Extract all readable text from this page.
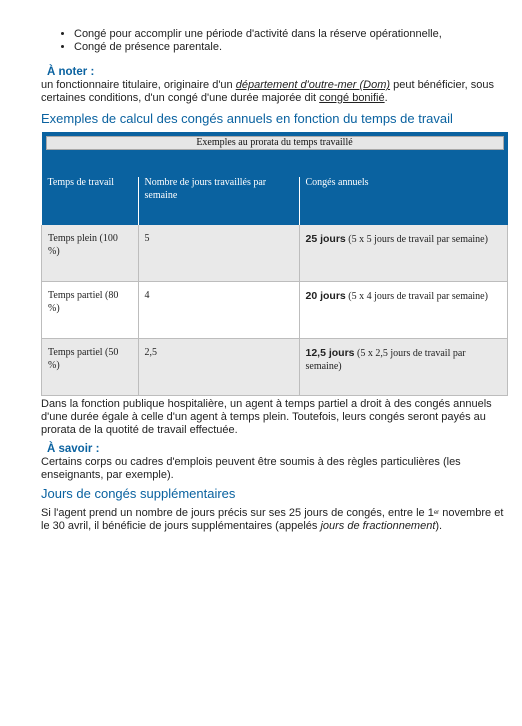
• Congé pour accomplir une période d'activité dans la réserve opérationnelle,
• Congé de présence parentale.
À noter :

un fonctionnaire titulaire, originaire d'un département d'outre-mer (Dom) peut bénéficier, sous certaines conditions, d'un congé d'une durée majorée dit congé bonifié.

Exemples de calcul des congés annuels en fonction du temps de travail
Exemples au prorata du temps travaillé		

Temps de travail	Nombre de jours travaillés par semaine	Congés annuels
Temps plein (100 %)	5	25 jours (5 x 5 jours de travail par semaine)
Temps partiel (80 %)	4	20 jours (5 x 4 jours de travail par semaine)
Temps partiel (50 %)	2,5	12,5 jours (5 x 2,5 jours de travail par semaine)

Dans la fonction publique hospitalière, un agent à temps partiel a droit à des congés annuels d'une durée égale à celle d'un agent à temps plein. Toutefois, leurs congés seront payés au prorata de la quotité de travail effectuée.

À savoir :

Certains corps ou cadres d'emplois peuvent être soumis à des règles particulières (les enseignants, par exemple).

Jours de congés supplémentaires

Si l'agent prend un nombre de jours précis sur ses 25 jours de congés, entre le 1er novembre et le 30 avril, il bénéficie de jours supplémentaires (appelés jours de fractionnement).
